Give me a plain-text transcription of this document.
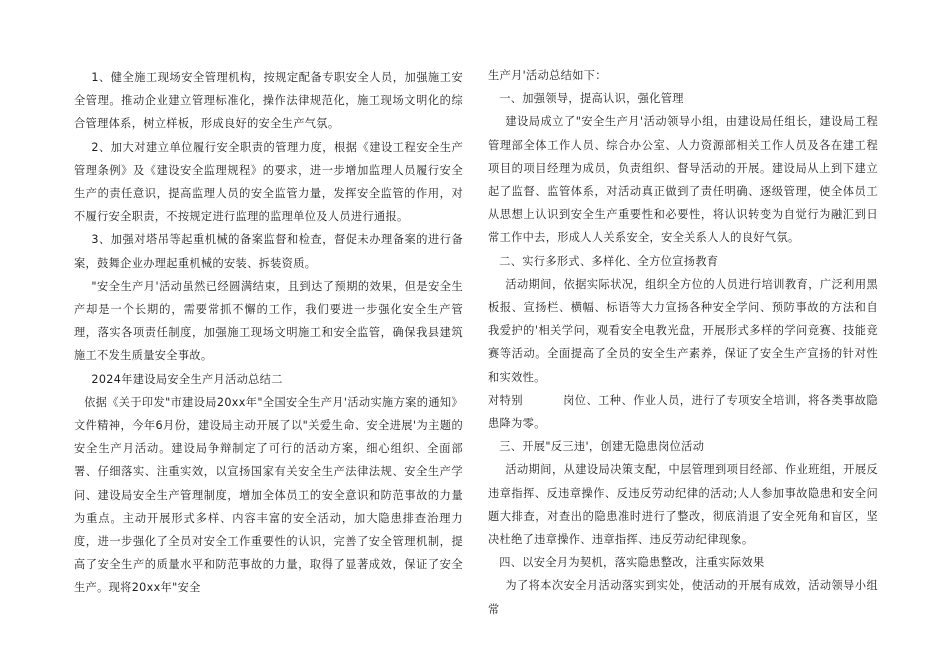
1、健全施工现场安全管理机构，按规定配备专职安全人员，加强施工安全管理。推动企业建立管理标准化，操作法律规范化，施工现场文明化的综合管理体系，树立样板，形成良好的安全生产气氛。

2、加大对建立单位履行安全职责的管理力度，根据《建设工程安全生产管理条例》及《建设安全监理规程》的要求，进一步增加监理人员履行安全生产的责任意识，提高监理人员的安全监管力量，发挥安全监管的作用，对不履行安全职责，不按规定进行监理的监理单位及人员进行通报。

3、加强对塔吊等起重机械的备案监督和检查，督促未办理备案的进行备案，鼓舞企业办理起重机械的安装、拆装资质。

"安全生产月'活动虽然已经圆满结束，且到达了预期的效果，但是安全生产却是一个长期的，需要常抓不懈的工作，我们要进一步强化安全生产管理，落实各项责任制度，加强施工现场文明施工和安全监管，确保我县建筑施工不发生质量安全事故。

2024年建设局安全生产月活动总结二

依据《关于印发"市建设局20xx年"全国安全生产月'活动实施方案的通知》文件精神，今年6月份，建设局主动开展了以"关爱生命、安全进展'为主题的安全生产月活动。建设局争辩制定了可行的活动方案，细心组织、全面部署、仔细落实、注重实效，以宣扬国家有关安全生产法律法规、安全生产学问、建设局安全生产管理制度，增加全体员工的安全意识和防范事故的力量为重点。主动开展形式多样、内容丰富的安全活动，加大隐患排查治理力度，进一步强化了全员对安全工作重要性的认识，完善了安全管理机制，提高了安全生产的质量水平和防范事故的力量，取得了显著成效，保证了安全生产。现将20xx年"安全

生产月'活动总结如下：

一、加强领导，提高认识，强化管理

建设局成立了"安全生产月'活动领导小组，由建设局任组长，建设局工程管理部全体工作人员、综合办公室、人力资源部相关工作人员及各在建工程项目的项目经理为成员，负责组织、督导活动的开展。建设局从上到下建立起了监督、监管体系，对活动真正做到了责任明确、逐级管理，使全体员工从思想上认识到安全生产重要性和必要性，将认识转变为自觉行为融汇到日常工作中去，形成人人关系安全，安全关系人人的良好气氛。

二、实行多形式、多样化、全方位宣扬教育

活动期间，依据实际状况，组织全方位的人员进行培训教育，广泛利用黑板报、宣扬栏、横幅、标语等大力宣扬各种安全学问、预防事故的方法和自我爱护的'相关学问，观看安全电教光盘，开展形式多样的学问竞赛、技能竞赛等活动。全面提高了全员的安全生产素养，保证了安全生产宣扬的针对性和实效性。

对特别	岗位、工种、作业人员，进行了专项安全培训，将各类事故隐患降为零。

三、开展"反三违'，创建无隐患岗位活动

活动期间，从建设局决策支配，中层管理到项目经部、作业班组，开展反违章指挥、反违章操作、反违反劳动纪律的活动;人人参加事故隐患和安全问题大排查，对查出的隐患准时进行了整改，彻底消退了安全死角和盲区，坚决杜绝了违章操作、违章指挥、违反劳动纪律现象。

四、以安全月为契机，落实隐患整改，注重实际效果

为了将本次安全月活动落实到实处，使活动的开展有成效，活动领导小组常
